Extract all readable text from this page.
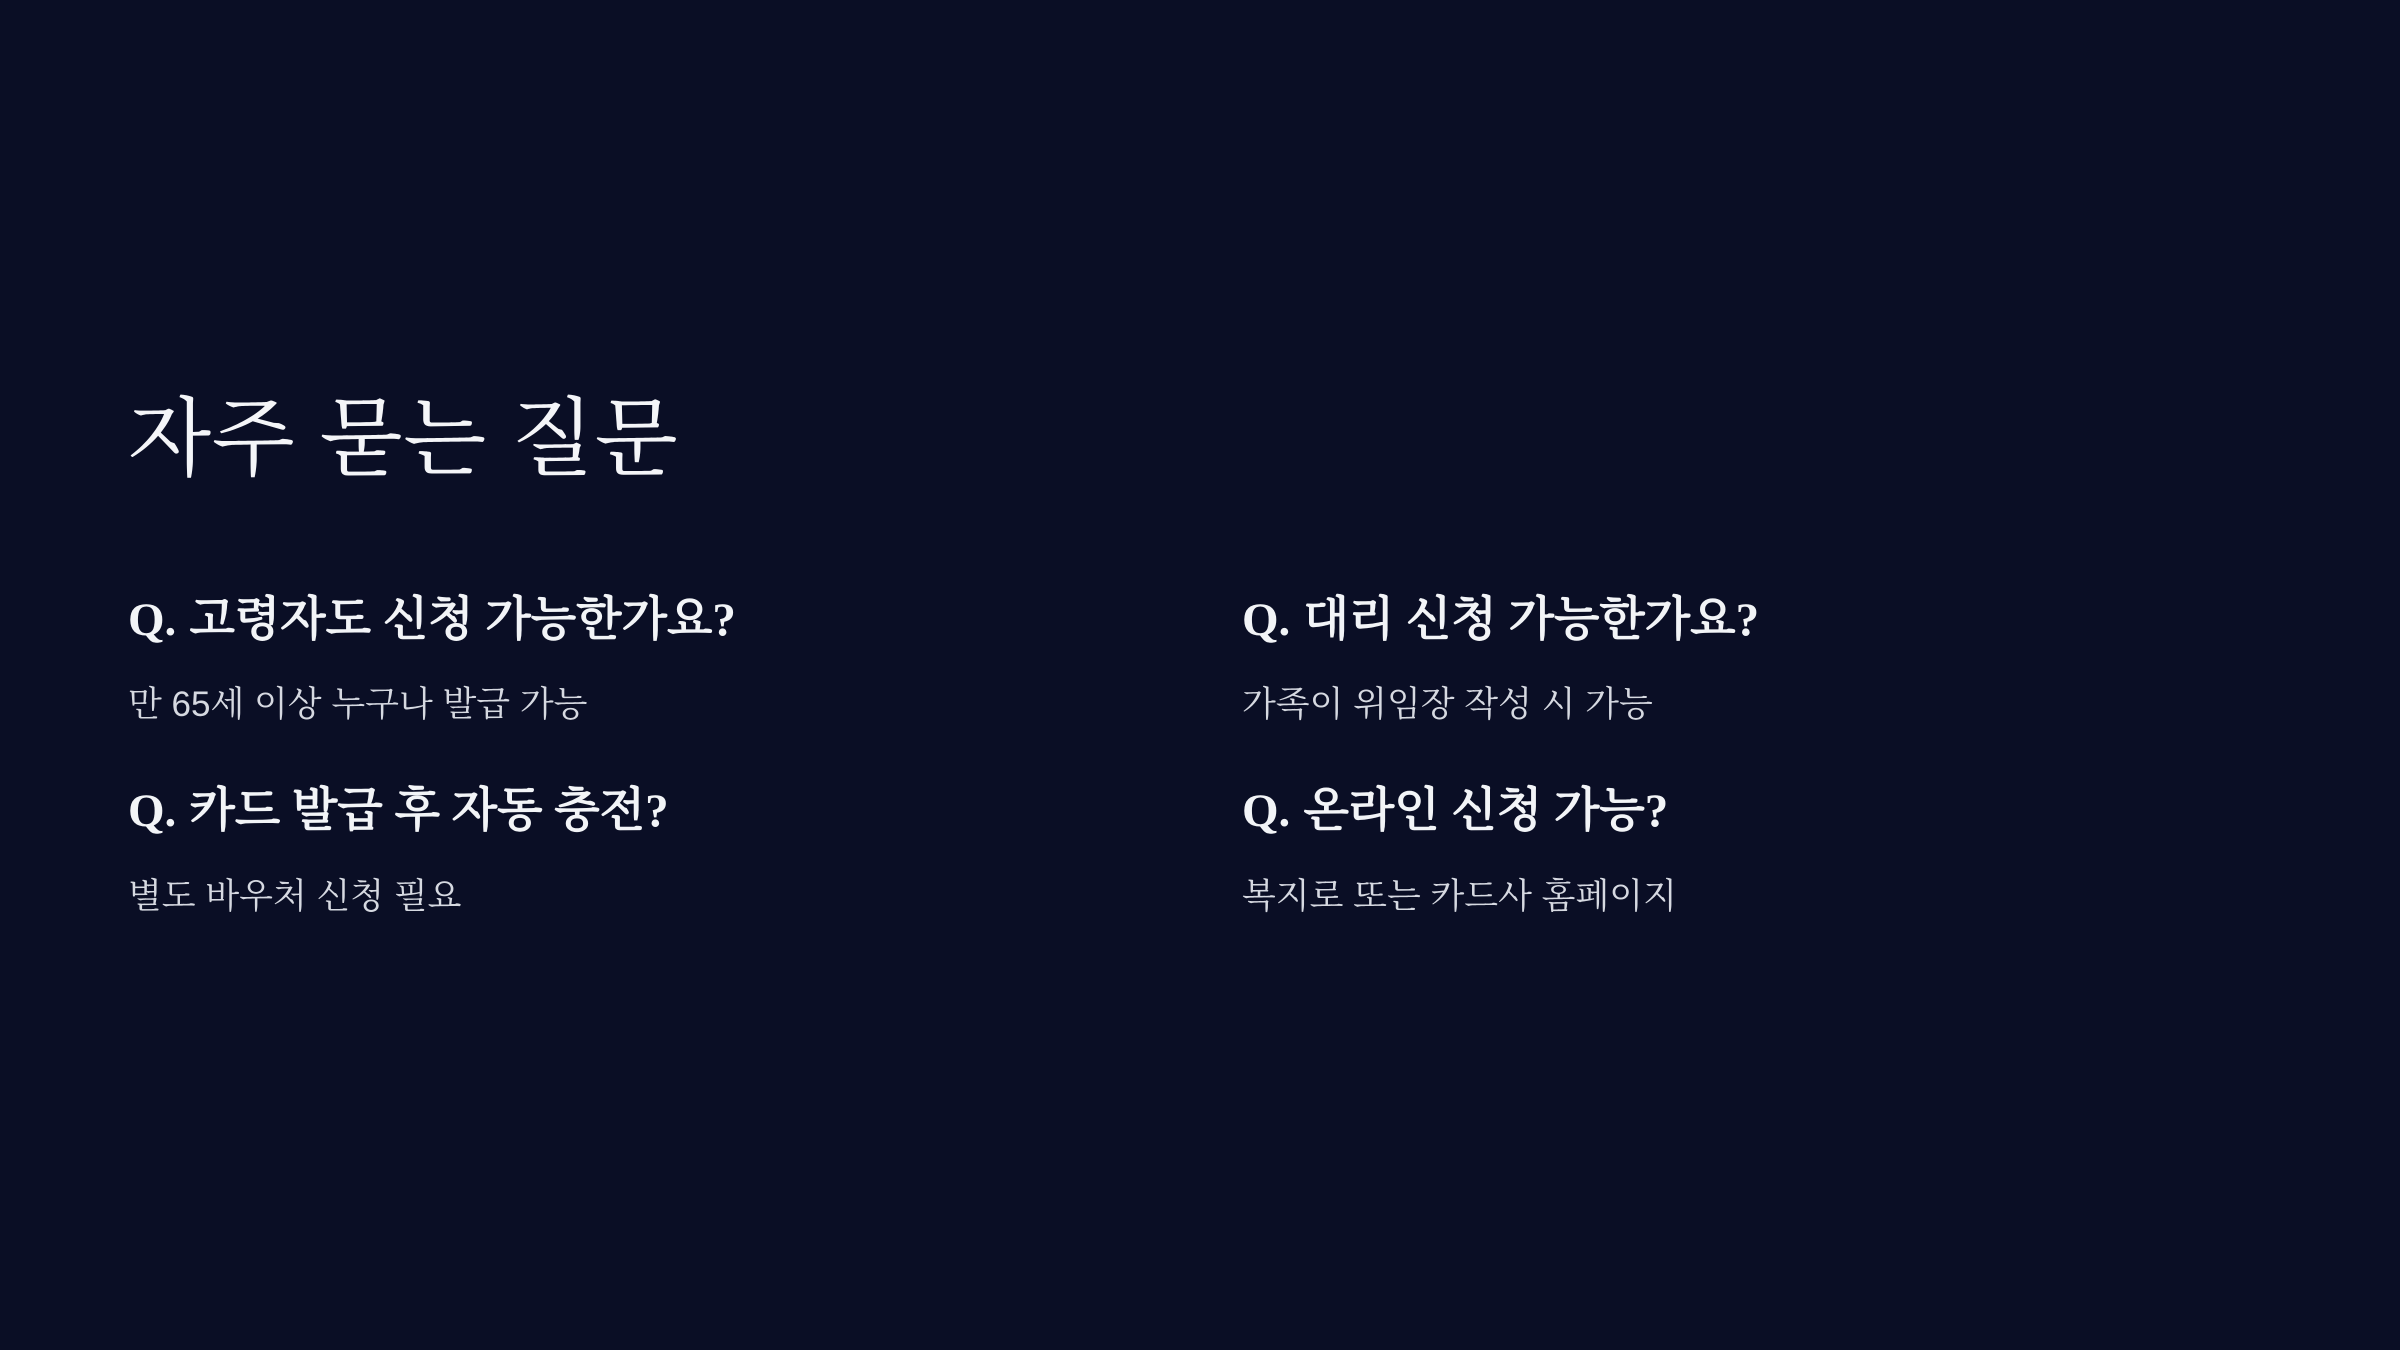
자주 묻는 질문
Q. 고령자도 신청 가능한가요?

만 65세 이상 누구나 발급 가능

Q. 카드 발급 후 자동 충전?

별도 바우처 신청 필요

Q. 대리 신청 가능한가요?

가족이 위임장 작성 시 가능

Q. 온라인 신청 가능?

복지로 또는 카드사 홈페이지
